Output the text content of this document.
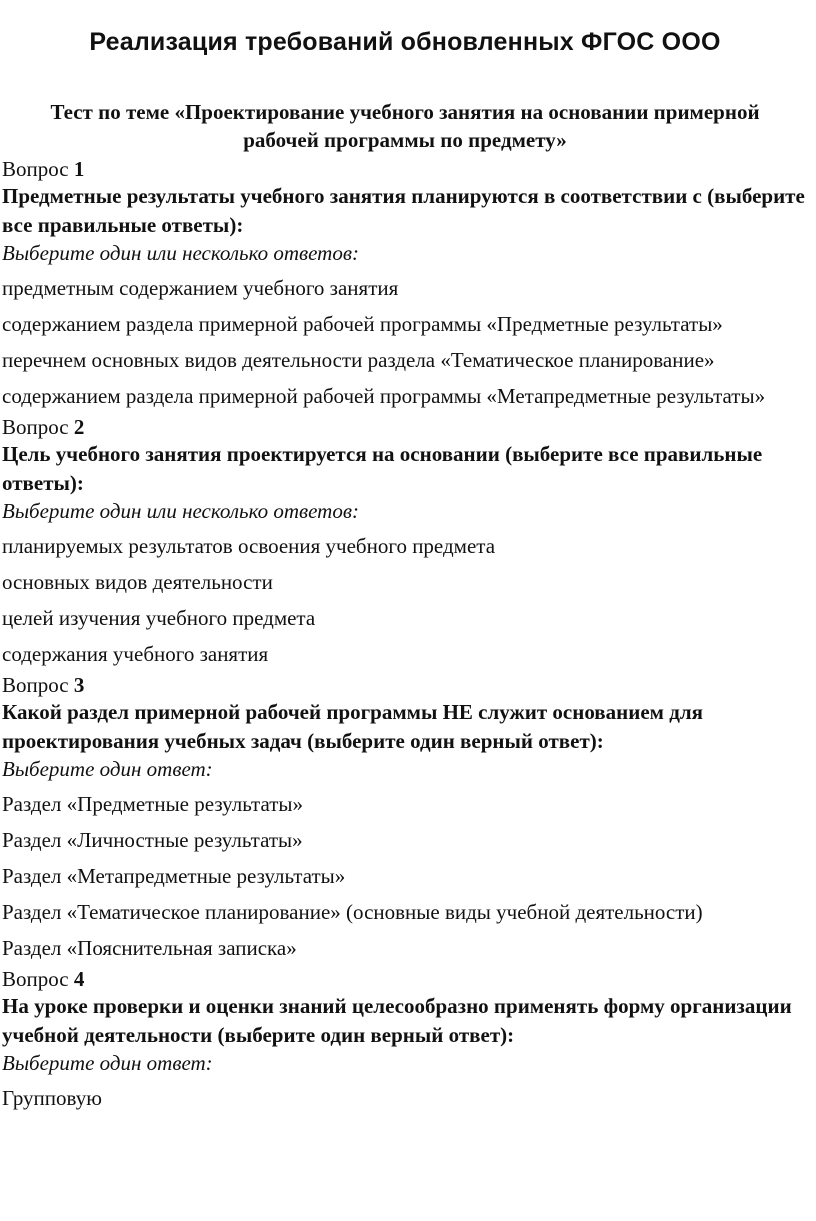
Реализация требований обновленных ФГОС ООО
Тест по теме «Проектирование учебного занятия на основании примерной рабочей программы по предмету»
Вопрос 1
Предметные результаты учебного занятия планируются в соответствии с (выберите все правильные ответы):
Выберите один или несколько ответов:
предметным содержанием учебного занятия
содержанием раздела примерной рабочей программы «Предметные результаты»
перечнем основных видов деятельности раздела «Тематическое планирование»
содержанием раздела примерной рабочей программы «Метапредметные результаты»
Вопрос 2
Цель учебного занятия проектируется на основании (выберите все правильные ответы):
Выберите один или несколько ответов:
планируемых результатов освоения учебного предмета
основных видов деятельности
целей изучения учебного предмета
содержания учебного занятия
Вопрос 3
Какой раздел примерной рабочей программы НЕ служит основанием для проектирования учебных задач (выберите один верный ответ):
Выберите один ответ:
Раздел «Предметные результаты»
Раздел «Личностные результаты»
Раздел «Метапредметные результаты»
Раздел «Тематическое планирование» (основные виды учебной деятельности)
Раздел «Пояснительная записка»
Вопрос 4
На уроке проверки и оценки знаний целесообразно применять форму организации учебной деятельности (выберите один верный ответ):
Выберите один ответ:
Групповую
